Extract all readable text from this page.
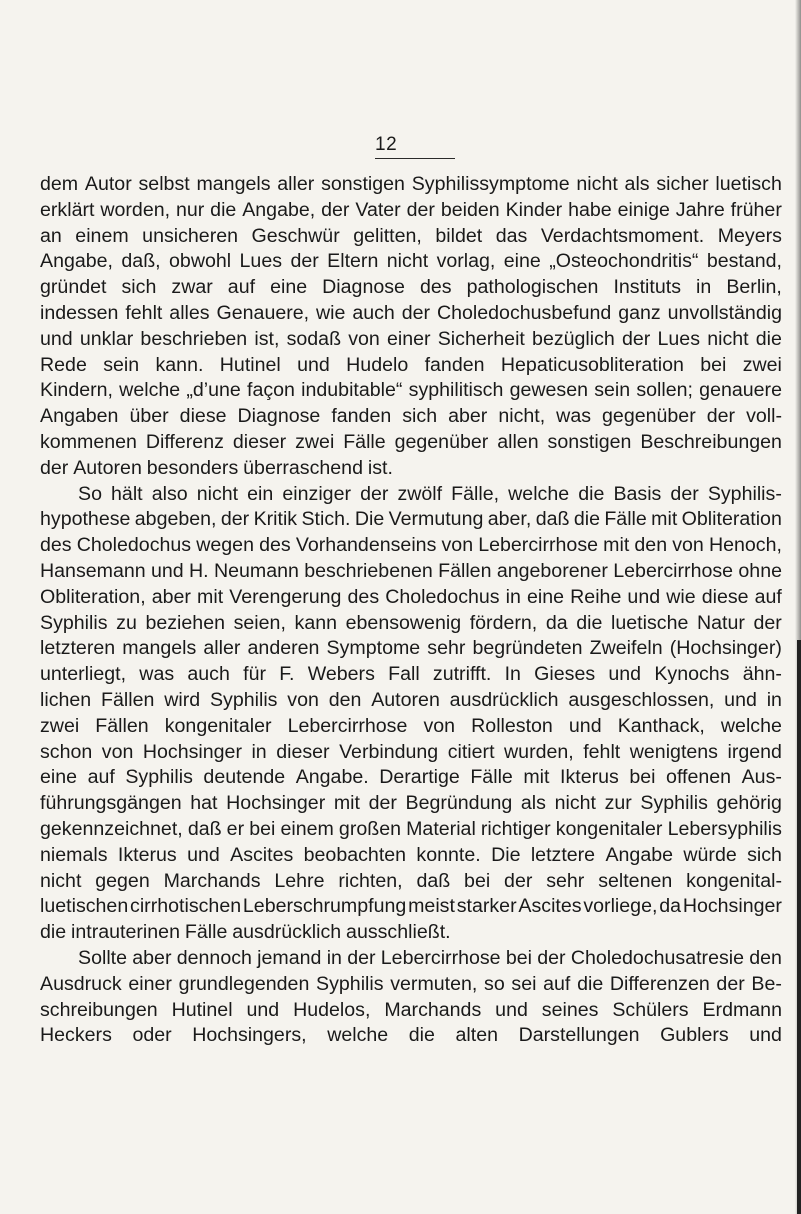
12
dem Autor selbst mangels aller sonstigen Syphilissymptome nicht als sicher luetisch
erklärt worden, nur die Angabe, der Vater der beiden Kinder habe einige Jahre früher
an einem unsicheren Geschwür gelitten, bildet das Verdachtsmoment. Meyers
Angabe, daß, obwohl Lues der Eltern nicht vorlag, eine „Osteochondritis“ bestand,
gründet sich zwar auf eine Diagnose des pathologischen Instituts in Berlin,
indessen fehlt alles Genauere, wie auch der Choledochusbefund ganz unvollständig
und unklar beschrieben ist, sodaß von einer Sicherheit bezüglich der Lues nicht die
Rede sein kann. Hutinel und Hudelo fanden Hepaticusobliteration bei zwei
Kindern, welche „d’une façon indubitable“ syphilitisch gewesen sein sollen; genauere
Angaben über diese Diagnose fanden sich aber nicht, was gegenüber der voll-
kommenen Differenz dieser zwei Fälle gegenüber allen sonstigen Beschreibungen
der Autoren besonders überraschend ist.
So hält also nicht ein einziger der zwölf Fälle, welche die Basis der Syphilis-
hypothese abgeben, der Kritik Stich. Die Vermutung aber, daß die Fälle mit Obliteration
des Choledochus wegen des Vorhandenseins von Lebercirrhose mit den von Henoch,
Hansemann und H. Neumann beschriebenen Fällen angeborener Lebercirrhose ohne
Obliteration, aber mit Verengerung des Choledochus in eine Reihe und wie diese auf
Syphilis zu beziehen seien, kann ebensowenig fördern, da die luetische Natur der
letzteren mangels aller anderen Symptome sehr begründeten Zweifeln (Hochsinger)
unterliegt, was auch für F. Webers Fall zutrifft. In Gieses und Kynochs ähn-
lichen Fällen wird Syphilis von den Autoren ausdrücklich ausgeschlossen, und in
zwei Fällen kongenitaler Lebercirrhose von Rolleston und Kanthack, welche
schon von Hochsinger in dieser Verbindung citiert wurden, fehlt wenigtens irgend
eine auf Syphilis deutende Angabe. Derartige Fälle mit Ikterus bei offenen Aus-
führungsgängen hat Hochsinger mit der Begründung als nicht zur Syphilis gehörig
gekennzeichnet, daß er bei einem großen Material richtiger kongenitaler Lebersyphilis
niemals Ikterus und Ascites beobachten konnte. Die letztere Angabe würde sich
nicht gegen Marchands Lehre richten, daß bei der sehr seltenen kongenital-
luetischen cirrhotischen Leberschrumpfung meist starker Ascites vorliege, da Hochsinger
die intrauterinen Fälle ausdrücklich ausschließt.
Sollte aber dennoch jemand in der Lebercirrhose bei der Choledochusatresie den
Ausdruck einer grundlegenden Syphilis vermuten, so sei auf die Differenzen der Be-
schreibungen Hutinel und Hudelos, Marchands und seines Schülers Erdmann
Heckers oder Hochsingers, welche die alten Darstellungen Gublers und
